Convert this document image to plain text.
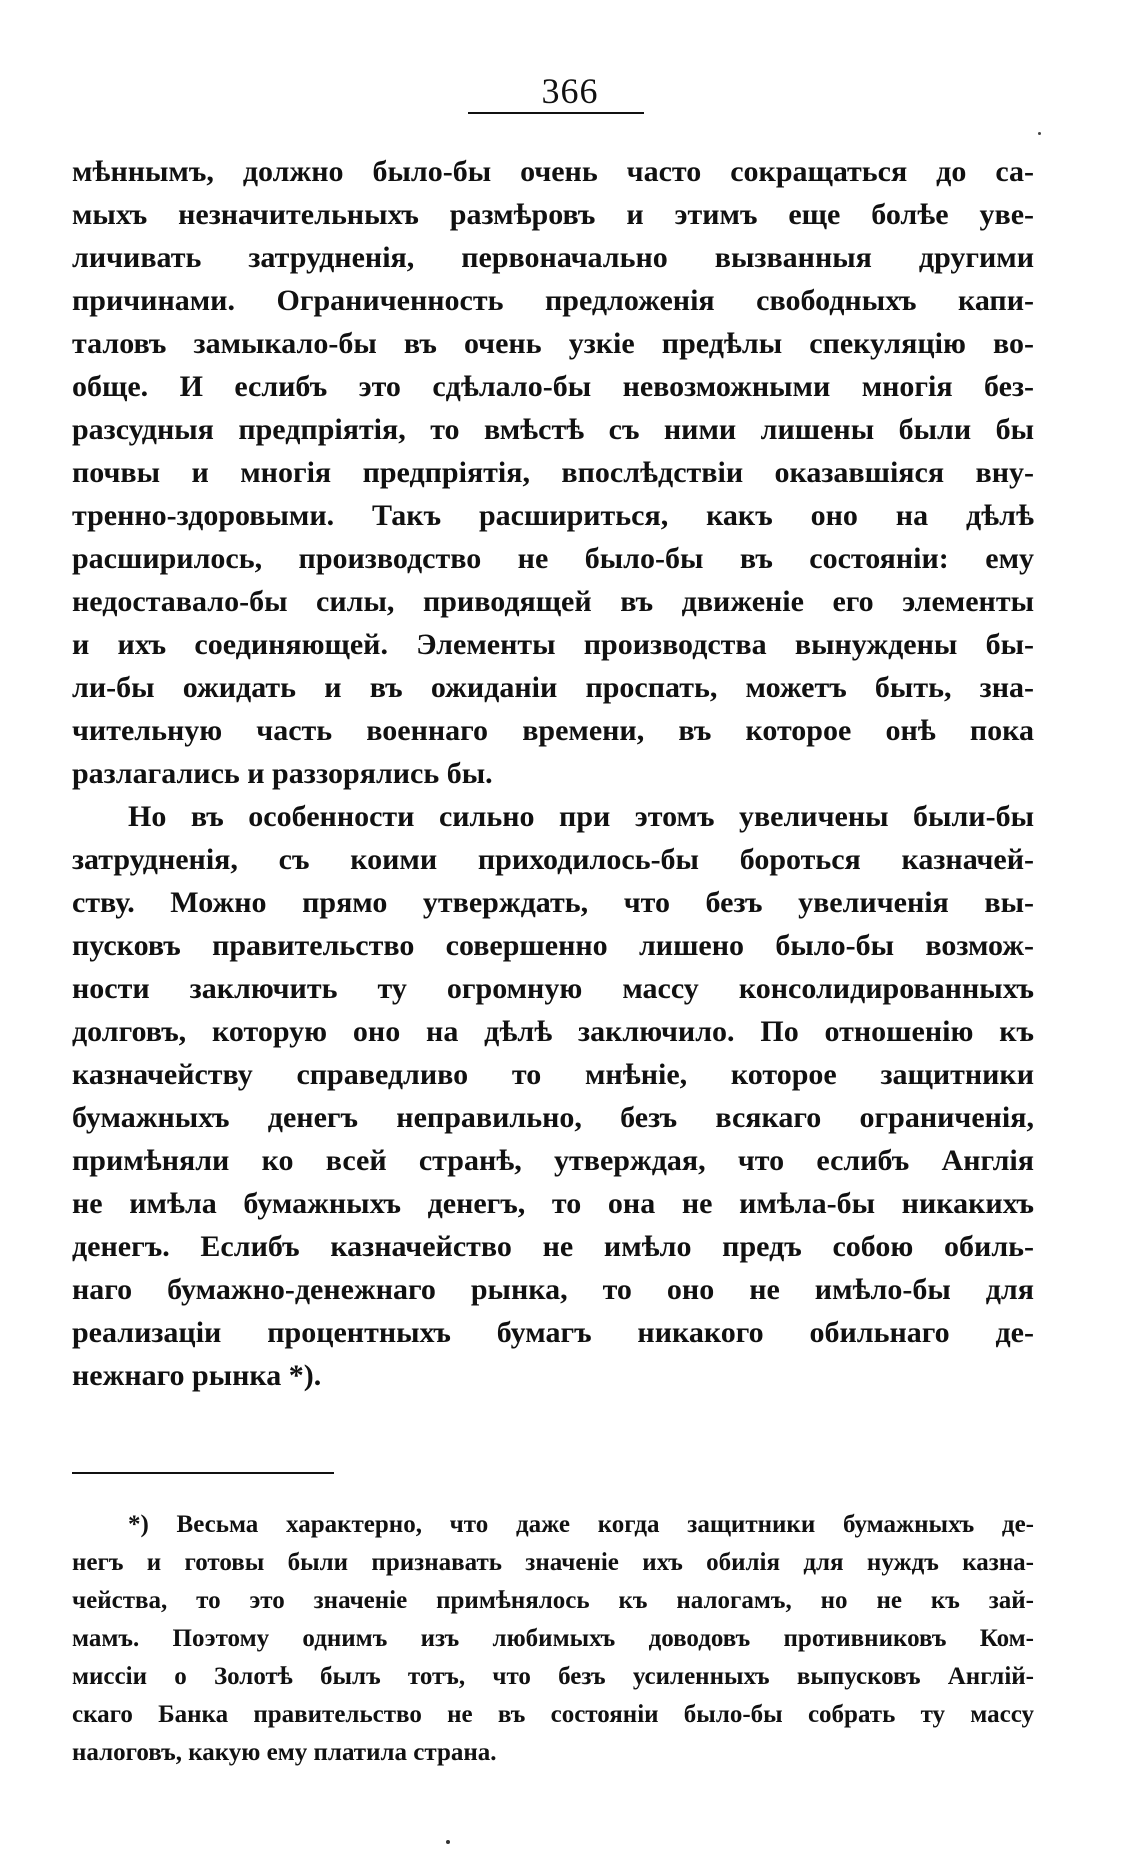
366

мѣннымъ, должно было-бы очень часто сокращаться до са-
мыхъ незначительныхъ размѣровъ и этимъ еще болѣе уве-
личивать затрудненія, первоначально вызванныя другими
причинами. Ограниченность предложенія свободныхъ капи-
таловъ замыкало-бы въ очень узкіе предѣлы спекуляцію во-
обще. И еслибъ это сдѣлало-бы невозможными многія без-
разсудныя предпріятія, то вмѣстѣ съ ними лишены были бы
почвы и многія предпріятія, впослѣдствіи оказавшіяся вну-
тренно-здоровыми. Такъ расшириться, какъ оно на дѣлѣ
расширилось, производство не было-бы въ состояніи: ему
недоставало-бы силы, приводящей въ движеніе его элементы
и ихъ соединяющей. Элементы производства вынуждены бы-
ли-бы ожидать и въ ожиданіи проспать, можетъ быть, зна-
чительную часть военнаго времени, въ которое онѣ пока
разлагались и раззорялись бы.

Но въ особенности сильно при этомъ увеличены были-бы
затрудненія, съ коими приходилось-бы бороться казначей-
ству. Можно прямо утверждать, что безъ увеличенія вы-
пусковъ правительство совершенно лишено было-бы возмож-
ности заключить ту огромную массу консолидированныхъ
долговъ, которую оно на дѣлѣ заключило. По отношенію къ
казначейству справедливо то мнѣніе, которое защитники
бумажныхъ денегъ неправильно, безъ всякаго ограниченія,
примѣняли ко всей странѣ, утверждая, что еслибъ Англія
не имѣла бумажныхъ денегъ, то она не имѣла-бы никакихъ
денегъ. Еслибъ казначейство не имѣло предъ собою обиль-
наго бумажно-денежнаго рынка, то оно не имѣло-бы для
реализаціи процентныхъ бумагъ никакого обильнаго де-
нежнаго рынка *).

*) Весьма характерно, что даже когда защитники бумажныхъ де-
негъ и готовы были признавать значеніе ихъ обилія для нуждъ казна-
чейства, то это значеніе примѣнялось къ налогамъ, но не къ зай-
мамъ. Поэтому однимъ изъ любимыхъ доводовъ противниковъ Ком-
миссіи о Золотѣ былъ тотъ, что безъ усиленныхъ выпусковъ Англій-
скаго Банка правительство не въ состояніи было-бы собрать ту массу
налоговъ, какую ему платила страна.
